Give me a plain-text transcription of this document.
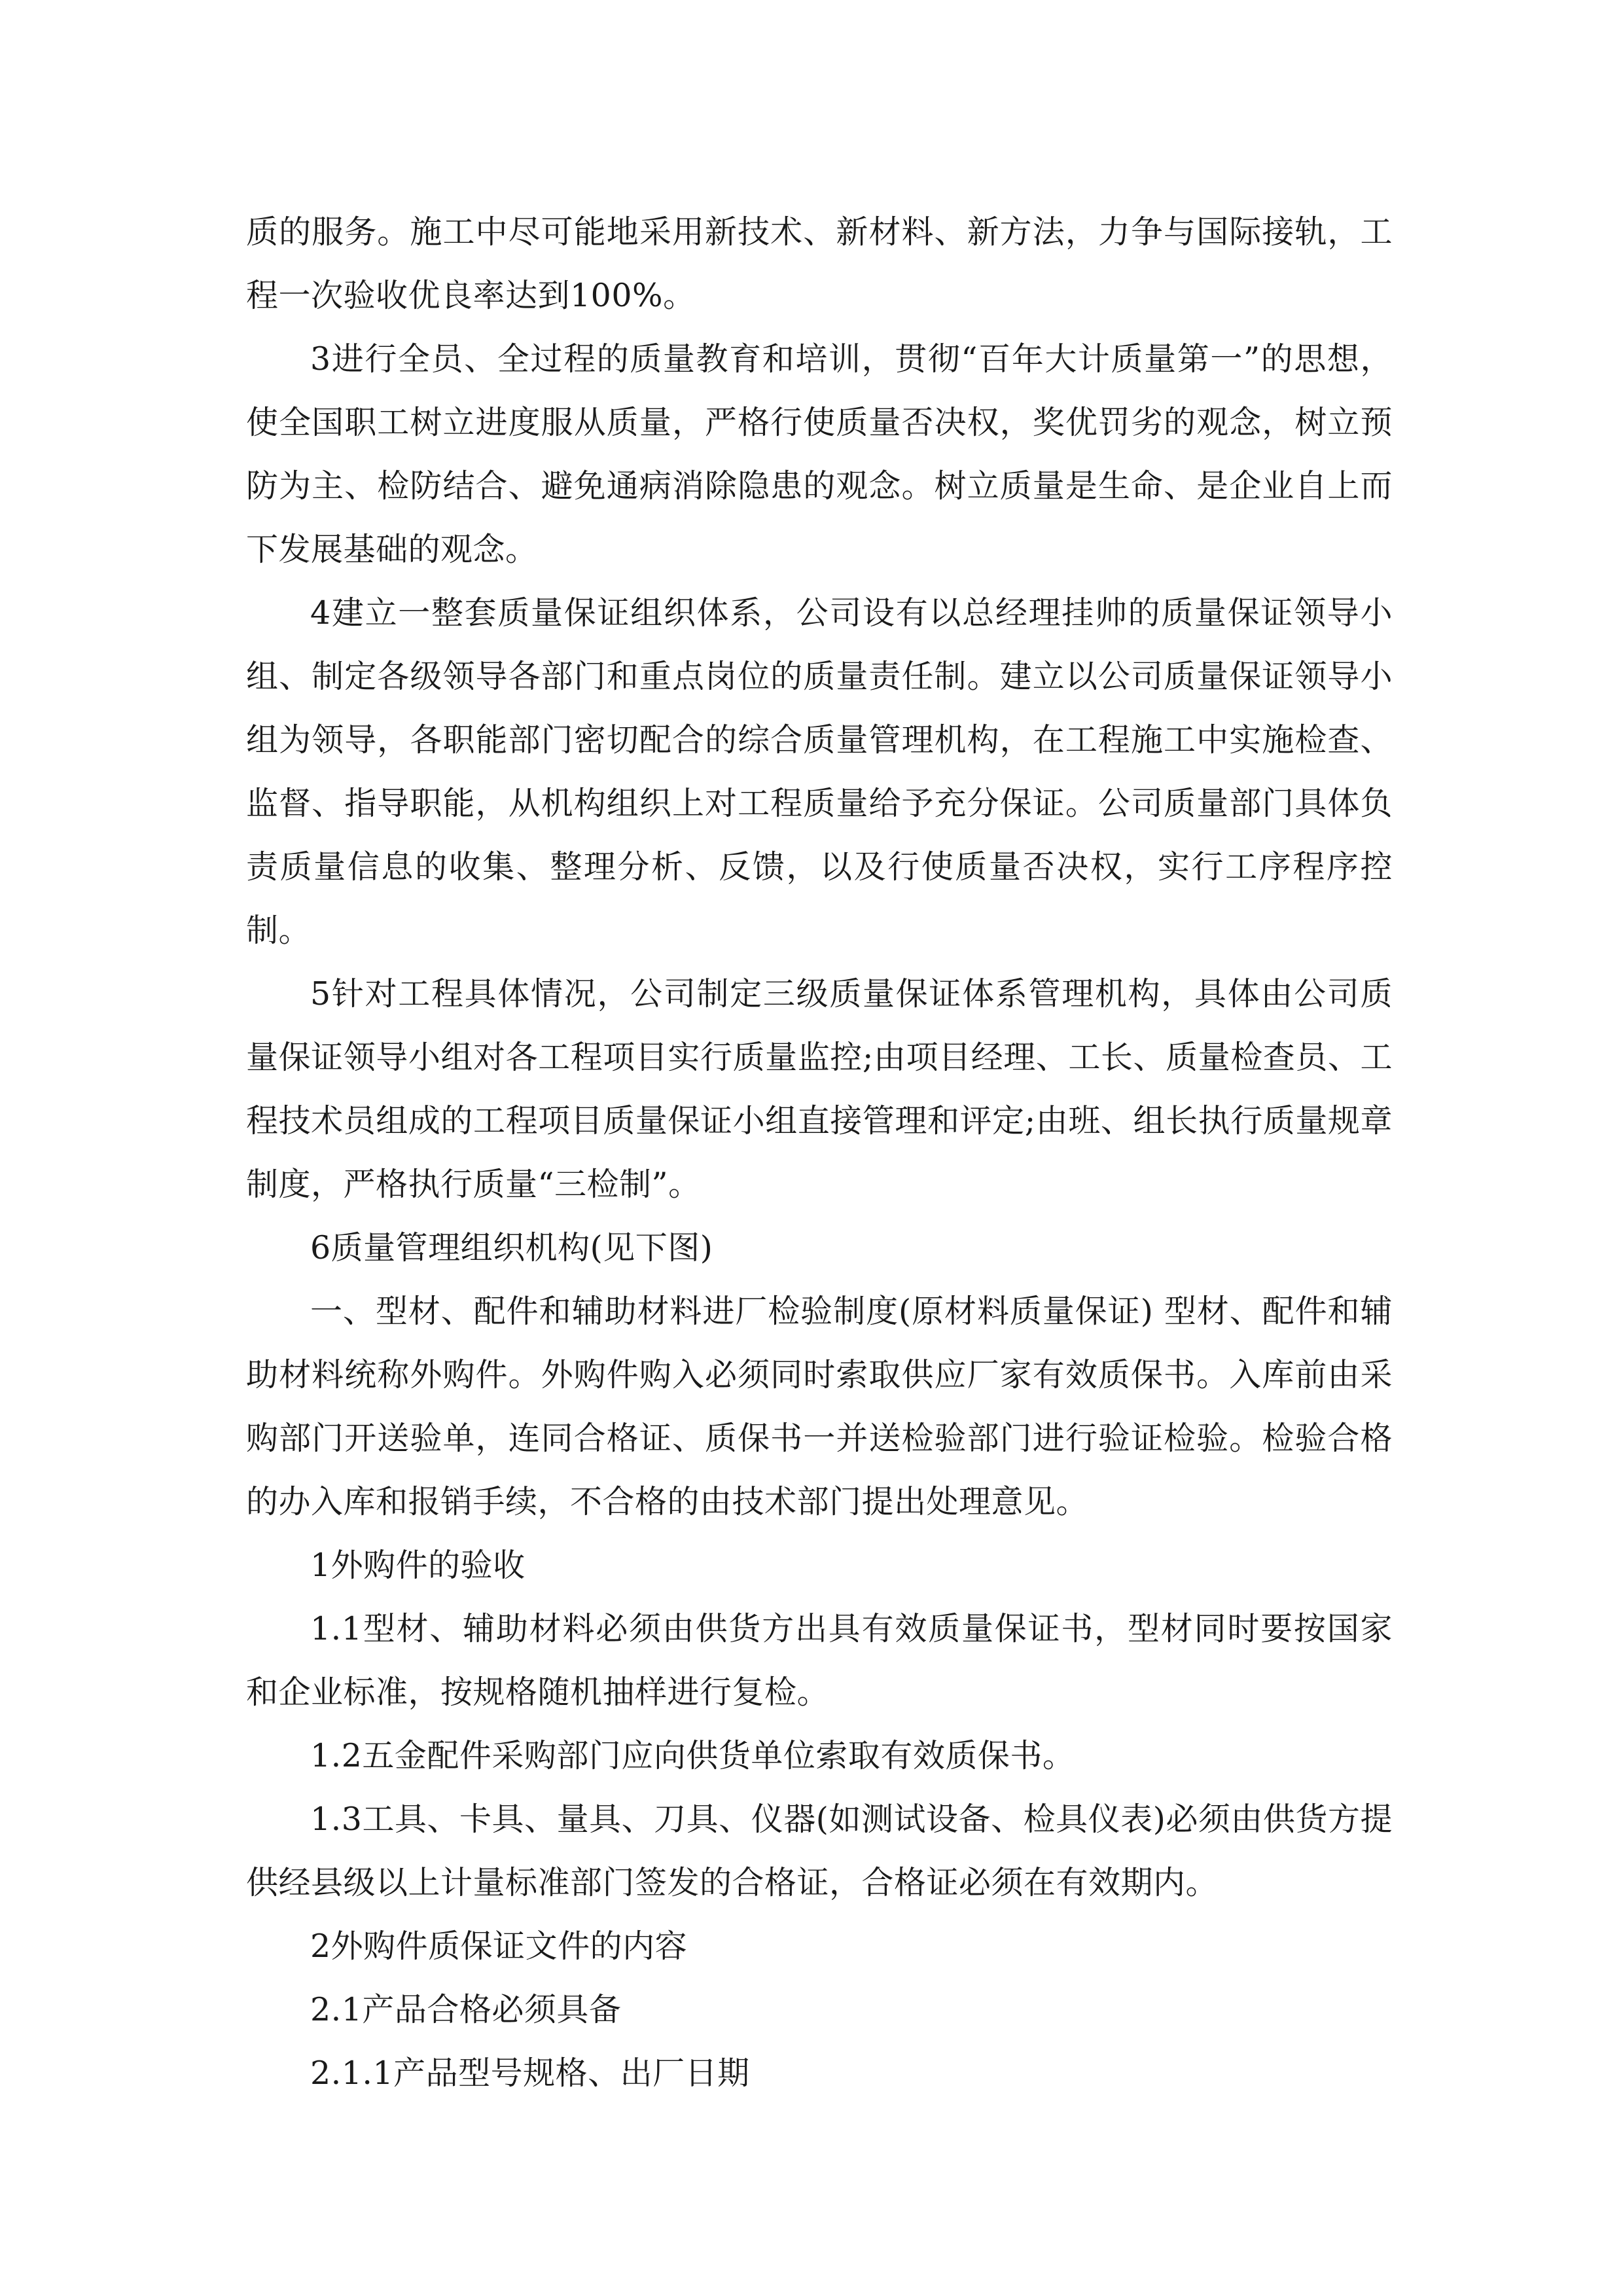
质的服务。施工中尽可能地采用新技术、新材料、新方法，力争与国际接轨，工程一次验收优良率达到100%。

3进行全员、全过程的质量教育和培训，贯彻“百年大计质量第一”的思想，使全国职工树立进度服从质量，严格行使质量否决权，奖优罚劣的观念，树立预防为主、检防结合、避免通病消除隐患的观念。树立质量是生命、是企业自上而下发展基础的观念。

4建立一整套质量保证组织体系，公司设有以总经理挂帅的质量保证领导小组、制定各级领导各部门和重点岗位的质量责任制。建立以公司质量保证领导小组为领导，各职能部门密切配合的综合质量管理机构，在工程施工中实施检查、监督、指导职能，从机构组织上对工程质量给予充分保证。公司质量部门具体负责质量信息的收集、整理分析、反馈，以及行使质量否决权，实行工序程序控制。

5针对工程具体情况，公司制定三级质量保证体系管理机构，具体由公司质量保证领导小组对各工程项目实行质量监控;由项目经理、工长、质量检查员、工程技术员组成的工程项目质量保证小组直接管理和评定;由班、组长执行质量规章制度，严格执行质量“三检制”。

6质量管理组织机构(见下图)

一、型材、配件和辅助材料进厂检验制度(原材料质量保证) 型材、配件和辅助材料统称外购件。外购件购入必须同时索取供应厂家有效质保书。入库前由采购部门开送验单，连同合格证、质保书一并送检验部门进行验证检验。检验合格的办入库和报销手续，不合格的由技术部门提出处理意见。

1外购件的验收

1.1型材、辅助材料必须由供货方出具有效质量保证书，型材同时要按国家和企业标准，按规格随机抽样进行复检。

1.2五金配件采购部门应向供货单位索取有效质保书。

1.3工具、卡具、量具、刀具、仪器(如测试设备、检具仪表)必须由供货方提供经县级以上计量标准部门签发的合格证，合格证必须在有效期内。

2外购件质保证文件的内容

2.1产品合格必须具备

2.1.1产品型号规格、出厂日期
